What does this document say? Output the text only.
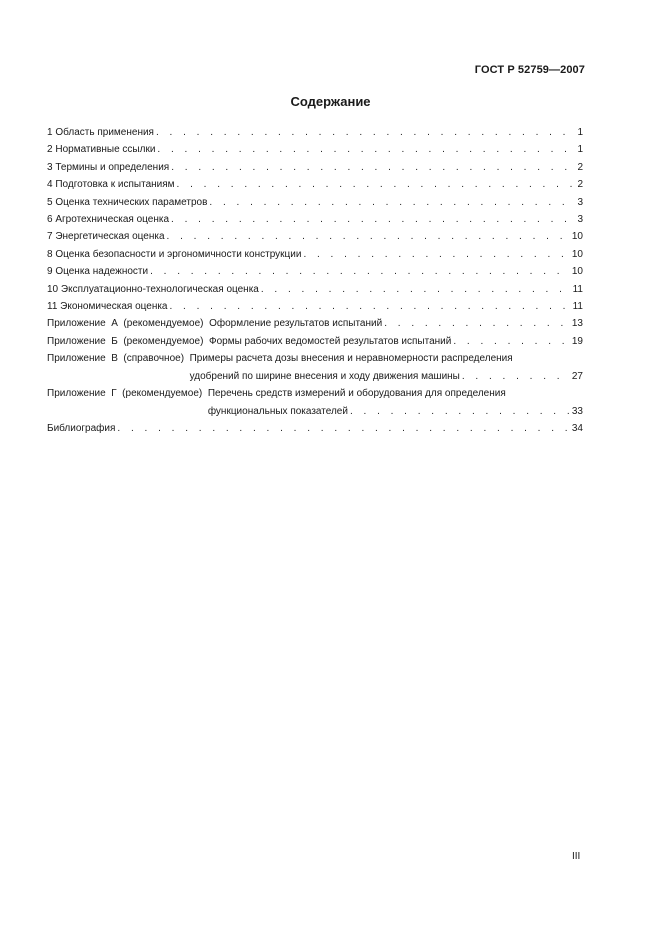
ГОСТ Р 52759—2007
Содержание
1
Область применения . . .	1
2
Нормативные ссылки . . .	1
3
Термины и определения . . .	2
4
Подготовка к испытаниям . . .	2
5
Оценка технических параметров . . .	3
6
Агротехническая оценка . . .	3
7
Энергетическая оценка . . .	10
8
Оценка безопасности и эргономичности конструкции . . .	10
9
Оценка надежности . . .	10
10
Эксплуатационно-технологическая оценка . . .	11
11
Экономическая оценка . . .	11
Приложение  А  (рекомендуемое) Оформление результатов испытаний . . .	13
Приложение  Б  (рекомендуемое) Формы рабочих ведомостей результатов испытаний . . .	19
Приложение  В  (справочное) Примеры расчета дозы внесения и неравномерности распределения
удобрений по ширине внесения и ходу движения машины . . .	27
Приложение  Г  (рекомендуемое) Перечень средств измерений и оборудования для определения
функциональных показателей . . .	33
Библиография . . .	34
III
